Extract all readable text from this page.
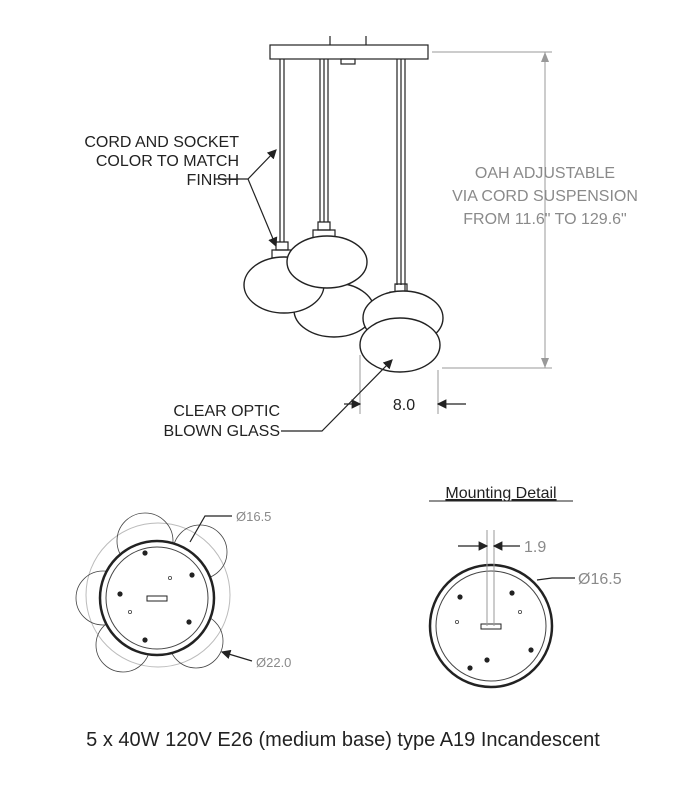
OAH ADJUSTABLE
VIA CORD SUSPENSION
FROM 11.6" TO 129.6"
CORD AND SOCKET
COLOR TO MATCH
FINISH
8.0
CLEAR OPTIC
BLOWN GLASS
Ø16.5
Ø22.0
Mounting Detail
1.9
Ø16.5
5 x 40W 120V E26 (medium base) type A19 Incandescent
